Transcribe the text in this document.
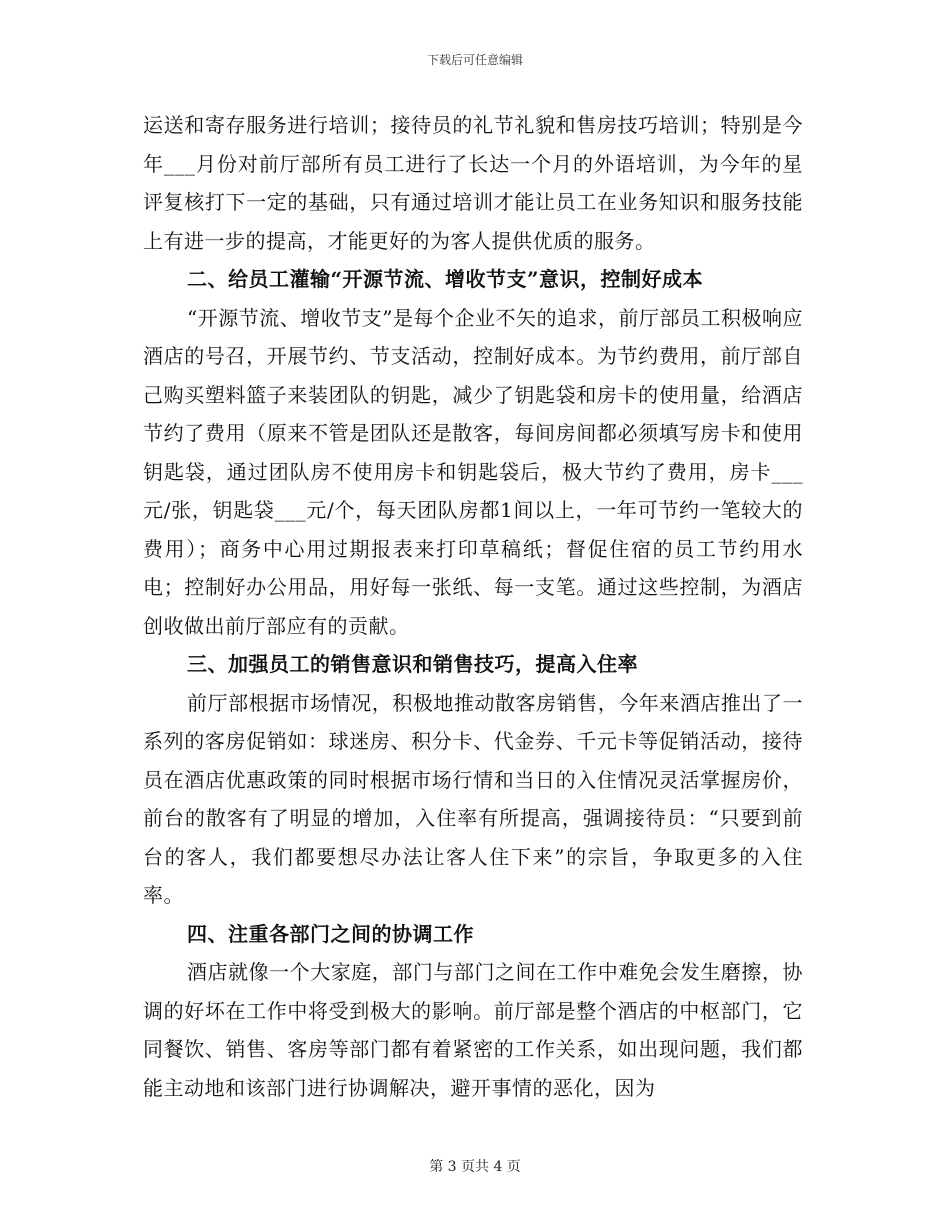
下载后可任意编辑

运送和寄存服务进行培训；接待员的礼节礼貌和售房技巧培训；特别是今年___月份对前厅部所有员工进行了长达一个月的外语培训，为今年的星评复核打下一定的基础，只有通过培训才能让员工在业务知识和服务技能上有进一步的提高，才能更好的为客人提供优质的服务。

二、给员工灌输“开源节流、增收节支”意识，控制好成本

“开源节流、增收节支”是每个企业不矢的追求，前厅部员工积极响应酒店的号召，开展节约、节支活动，控制好成本。为节约费用，前厅部自己购买塑料篮子来装团队的钥匙，减少了钥匙袋和房卡的使用量，给酒店节约了费用（原来不管是团队还是散客，每间房间都必须填写房卡和使用钥匙袋，通过团队房不使用房卡和钥匙袋后，极大节约了费用，房卡___元/张，钥匙袋___元/个，每天团队房都1间以上，一年可节约一笔较大的费用）；商务中心用过期报表来打印草稿纸；督促住宿的员工节约用水电；控制好办公用品，用好每一张纸、每一支笔。通过这些控制，为酒店创收做出前厅部应有的贡献。

三、加强员工的销售意识和销售技巧，提高入住率

前厅部根据市场情况，积极地推动散客房销售，今年来酒店推出了一系列的客房促销如：球迷房、积分卡、代金券、千元卡等促销活动，接待员在酒店优惠政策的同时根据市场行情和当日的入住情况灵活掌握房价，前台的散客有了明显的增加，入住率有所提高，强调接待员：“只要到前台的客人，我们都要想尽办法让客人住下来”的宗旨，争取更多的入住率。

四、注重各部门之间的协调工作

酒店就像一个大家庭，部门与部门之间在工作中难免会发生磨擦，协调的好坏在工作中将受到极大的影响。前厅部是整个酒店的中枢部门，它同餐饮、销售、客房等部门都有着紧密的工作关系，如出现问题，我们都能主动地和该部门进行协调解决，避开事情的恶化，因为

第 3 页共 4 页
